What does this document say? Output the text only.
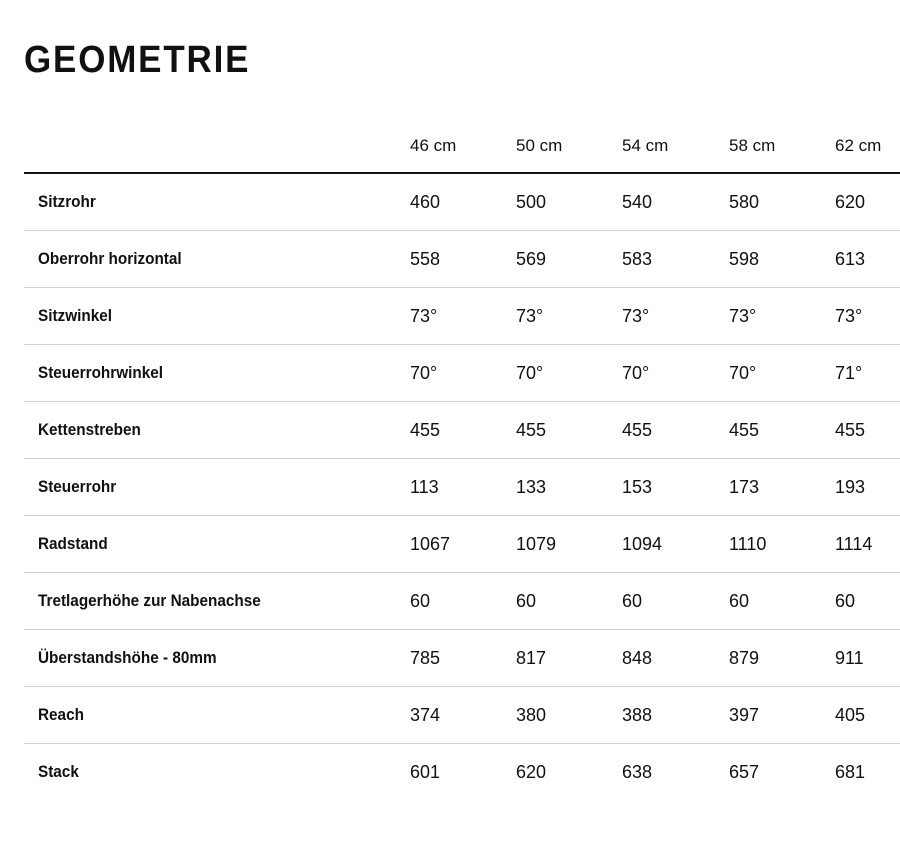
GEOMETRIE
46 cm	50 cm	54 cm	58 cm	62 cm
Sitzrohr	460	500	540	580	620
Oberrohr horizontal	558	569	583	598	613
Sitzwinkel	73°	73°	73°	73°	73°
Steuerrohrwinkel	70°	70°	70°	70°	71°
Kettenstreben	455	455	455	455	455
Steuerrohr	113	133	153	173	193
Radstand	1067	1079	1094	1110	1114
Tretlagerhöhe zur Nabenachse	60	60	60	60	60
Überstandshöhe - 80mm	785	817	848	879	911
Reach	374	380	388	397	405
Stack	601	620	638	657	681
